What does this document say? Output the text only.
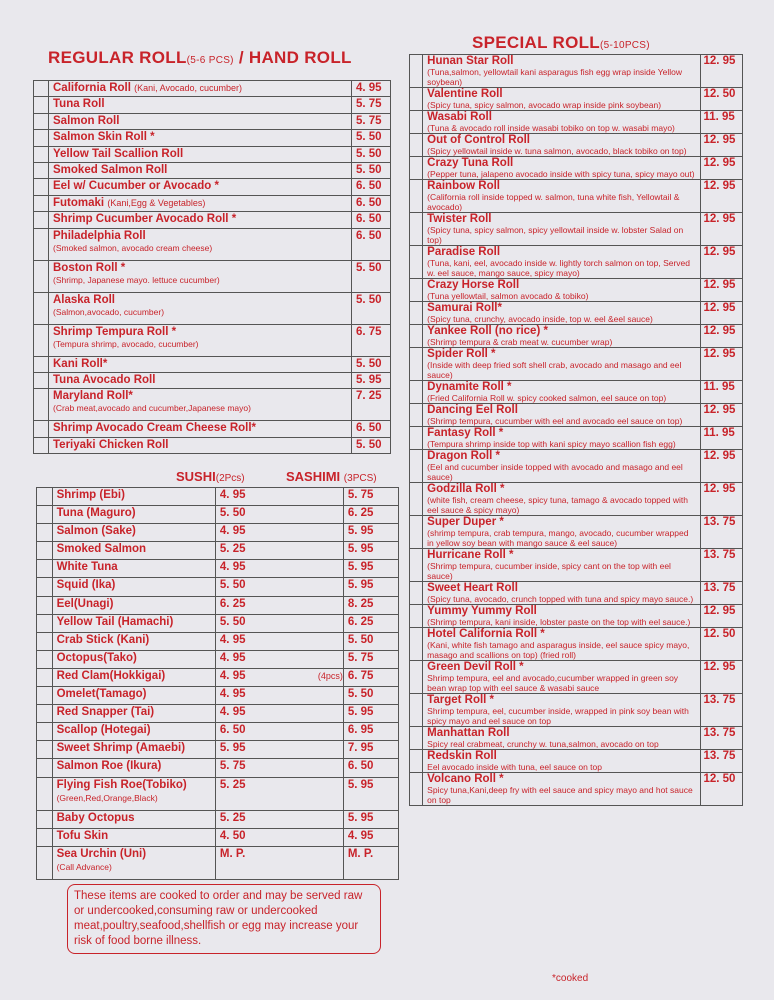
REGULAR ROLL(5-6 PCS) / HAND ROLL
	California Roll (Kani, Avocado, cucumber)	4. 95
	Tuna Roll	5. 75
	Salmon Roll	5. 75
	Salmon Skin Roll *	5. 50
	Yellow Tail Scallion Roll	5. 50
	Smoked Salmon Roll	5. 50
	Eel w/ Cucumber or Avocado *	6. 50
	Futomaki (Kani,Egg & Vegetables)	6. 50
	Shrimp Cucumber Avocado Roll *	6. 50
	Philadelphia Roll
(Smoked salmon, avocado cream cheese)	6. 50
	Boston Roll *
(Shrimp, Japanese mayo. lettuce cucumber)	5. 50
	Alaska Roll
(Salmon,avocado, cucumber)	5. 50
	Shrimp Tempura Roll *
(Tempura shrimp, avocado, cucumber)	6. 75
	Kani Roll*	5. 50
	Tuna Avocado Roll	5. 95
	Maryland Roll*
(Crab meat,avocado and cucumber,Japanese mayo)	7. 25
	Shrimp Avocado Cream Cheese Roll*	6. 50
	Teriyaki Chicken Roll	5. 50
SUSHI(2Pcs)	SASHIMI (3PCS)
	Shrimp (Ebi)	4. 95	5. 75
	Tuna (Maguro)	5. 50	6. 25
	Salmon (Sake)	4. 95	5. 95
	Smoked Salmon	5. 25	5. 95
	White Tuna	4. 95	5. 95
	Squid (Ika)	5. 50	5. 95
	Eel(Unagi)	6. 25	8. 25
	Yellow Tail (Hamachi)	5. 50	6. 25
	Crab Stick (Kani)	4. 95	5. 50
	Octopus(Tako)	4. 95	5. 75
	Red Clam(Hokkigai)	4. 95	(4pcs) 6. 75
	Omelet(Tamago)	4. 95	5. 50
	Red Snapper (Tai)	4. 95	5. 95
	Scallop (Hotegai)	6. 50	6. 95
	Sweet Shrimp (Amaebi)	5. 95	7. 95
	Salmon Roe (Ikura)	5. 75	6. 50
	Flying Fish Roe(Tobiko)
(Green,Red,Orange,Black)	5. 25	5. 95
	Baby Octopus	5. 25	5. 95
	Tofu Skin	4. 50	4. 95
	Sea Urchin (Uni)
(Call Advance)	M. P.	M. P.
These items are cooked to order and may be served raw or undercooked,consuming raw or undercooked meat,poultry,seafood,shellfish or egg may increase your risk of food borne illness.
SPECIAL ROLL(5-10PCS)
	Hunan Star Roll
(Tuna,salmon, yellowtail kani asparagus fish egg wrap inside Yellow soybean)	12. 95
	Valentine Roll
(Spicy tuna, spicy salmon, avocado wrap inside pink soybean)	12. 50
	Wasabi Roll
(Tuna & avocado roll inside wasabi tobiko on top w. wasabi mayo)	11. 95
	Out of Control Roll
(Spicy yellowtail inside w. tuna salmon, avocado, black tobiko on top)	12. 95
	Crazy Tuna Roll
(Pepper tuna, jalapeno avocado inside with spicy tuna, spicy mayo out)	12. 95
	Rainbow Roll
(California roll inside topped w. salmon, tuna white fish, Yellowtail & avocado)	12. 95
	Twister Roll
(Spicy tuna, spicy salmon, spicy yellowtail inside w. lobster Salad on top)	12. 95
	Paradise Roll
(Tuna, kani, eel, avocado inside w. lightly torch salmon on top, Served w. eel sauce, mango sauce, spicy mayo)	12. 95
	Crazy Horse Roll
(Tuna yellowtail, salmon avocado & tobiko)	12. 95
	Samurai Roll*
(Spicy tuna, crunchy, avocado inside, top w. eel &eel sauce)	12. 95
	Yankee Roll (no rice) *
(Shrimp tempura & crab meat w. cucumber wrap)	12. 95
	Spider Roll *
(Inside with deep fried soft shell crab, avocado and masago and eel sauce)	12. 95
	Dynamite Roll *
(Fried California Roll w. spicy cooked salmon, eel sauce on top)	11. 95
	Dancing Eel Roll
(Shrimp tempura, cucumber with eel and avocado eel sauce on top)	12. 95
	Fantasy Roll *
(Tempura shrimp inside top with kani spicy mayo scallion fish egg)	11. 95
	Dragon Roll *
(Eel and cucumber inside topped with avocado and masago and eel sauce)	12. 95
	Godzilla Roll *
(white fish, cream cheese, spicy tuna, tamago & avocado topped with eel sauce & spicy mayo)	12. 95
	Super Duper *
(shrimp tempura, crab tempura, mango, avocado, cucumber wrapped in yellow soy bean with mango sauce & eel sauce)	13. 75
	Hurricane Roll *
(Shrimp tempura, cucumber inside, spicy cant on the top with eel sauce)	13. 75
	Sweet Heart Roll
(Spicy tuna, avocado, crunch topped with tuna and spicy mayo sauce.)	13. 75
	Yummy Yummy Roll
(Shrimp tempura, kani inside, lobster paste on the top with eel sauce.)	12. 95
	Hotel California Roll *
(Kani, white fish tamago and asparagus inside, eel sauce spicy mayo, masago and scallions on top) (fried roll)	12. 50
	Green Devil Roll *
Shrimp tempura, eel and avocado,cucumber wrapped in green soy bean wrap top with eel sauce & wasabi sauce	12. 95
	Target Roll *
Shrimp tempura, eel, cucumber inside, wrapped in pink soy bean with spicy mayo and eel sauce on top	13. 75
	Manhattan Roll
Spicy real crabmeat, crunchy w. tuna,salmon, avocado on top	13. 75
	Redskin Roll
Eel avocado inside with tuna, eel sauce on top	13. 75
	Volcano Roll *
Spicy tuna,Kani,deep fry with eel sauce and spicy mayo and hot sauce on top	12. 50
*cooked
